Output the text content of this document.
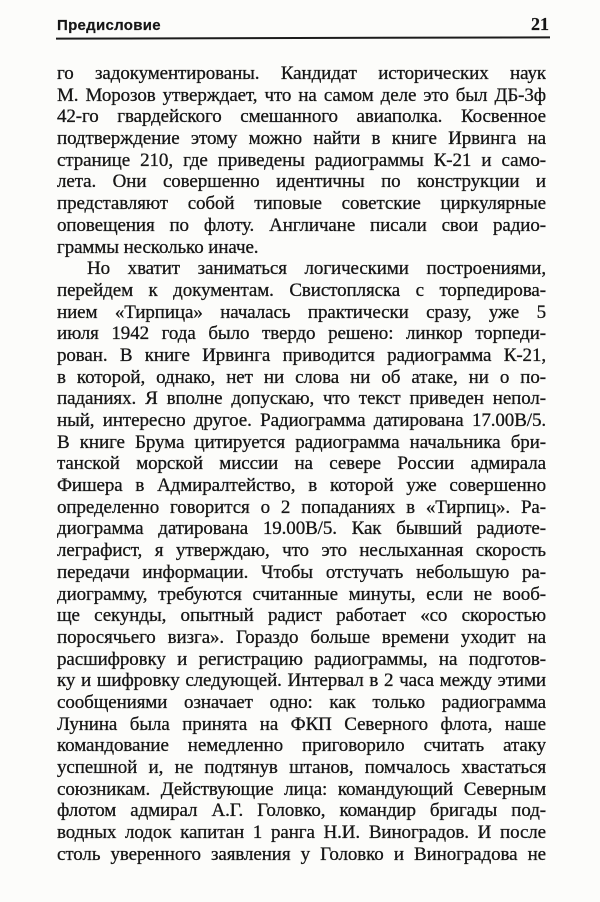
Предисловие	21
го задокументированы. Кандидат исторических наук
М. Морозов утверждает, что на самом деле это был ДБ-3ф
42-го гвардейского смешанного авиаполка. Косвенное
подтверждение этому можно найти в книге Ирвинга на
странице 210, где приведены радиограммы К-21 и само-
лета. Они совершенно идентичны по конструкции и
представляют собой типовые советские циркулярные
оповещения по флоту. Англичане писали свои радио-
граммы несколько иначе.
Но хватит заниматься логическими построениями,
перейдем к документам. Свистопляска с торпедирова-
нием «Тирпица» началась практически сразу, уже 5
июля 1942 года было твердо решено: линкор торпеди-
рован. В книге Ирвинга приводится радиограмма К-21,
в которой, однако, нет ни слова ни об атаке, ни о по-
паданиях. Я вполне допускаю, что текст приведен непол-
ный, интересно другое. Радиограмма датирована 17.00В/5.
В книге Брума цитируется радиограмма начальника бри-
танской морской миссии на севере России адмирала
Фишера в Адмиралтейство, в которой уже совершенно
определенно говорится о 2 попаданиях в «Тирпиц». Ра-
диограмма датирована 19.00В/5. Как бывший радиоте-
леграфист, я утверждаю, что это неслыханная скорость
передачи информации. Чтобы отстучать небольшую ра-
диограмму, требуются считанные минуты, если не вооб-
ще секунды, опытный радист работает «со скоростью
поросячьего визга». Гораздо больше времени уходит на
расшифровку и регистрацию радиограммы, на подготов-
ку и шифровку следующей. Интервал в 2 часа между этими
сообщениями означает одно: как только радиограмма
Лунина была принята на ФКП Северного флота, наше
командование немедленно приговорило считать атаку
успешной и, не подтянув штанов, помчалось хвастаться
союзникам. Действующие лица: командующий Северным
флотом адмирал А.Г. Головко, командир бригады под-
водных лодок капитан 1 ранга Н.И. Виноградов. И после
столь уверенного заявления у Головко и Виноградова не
